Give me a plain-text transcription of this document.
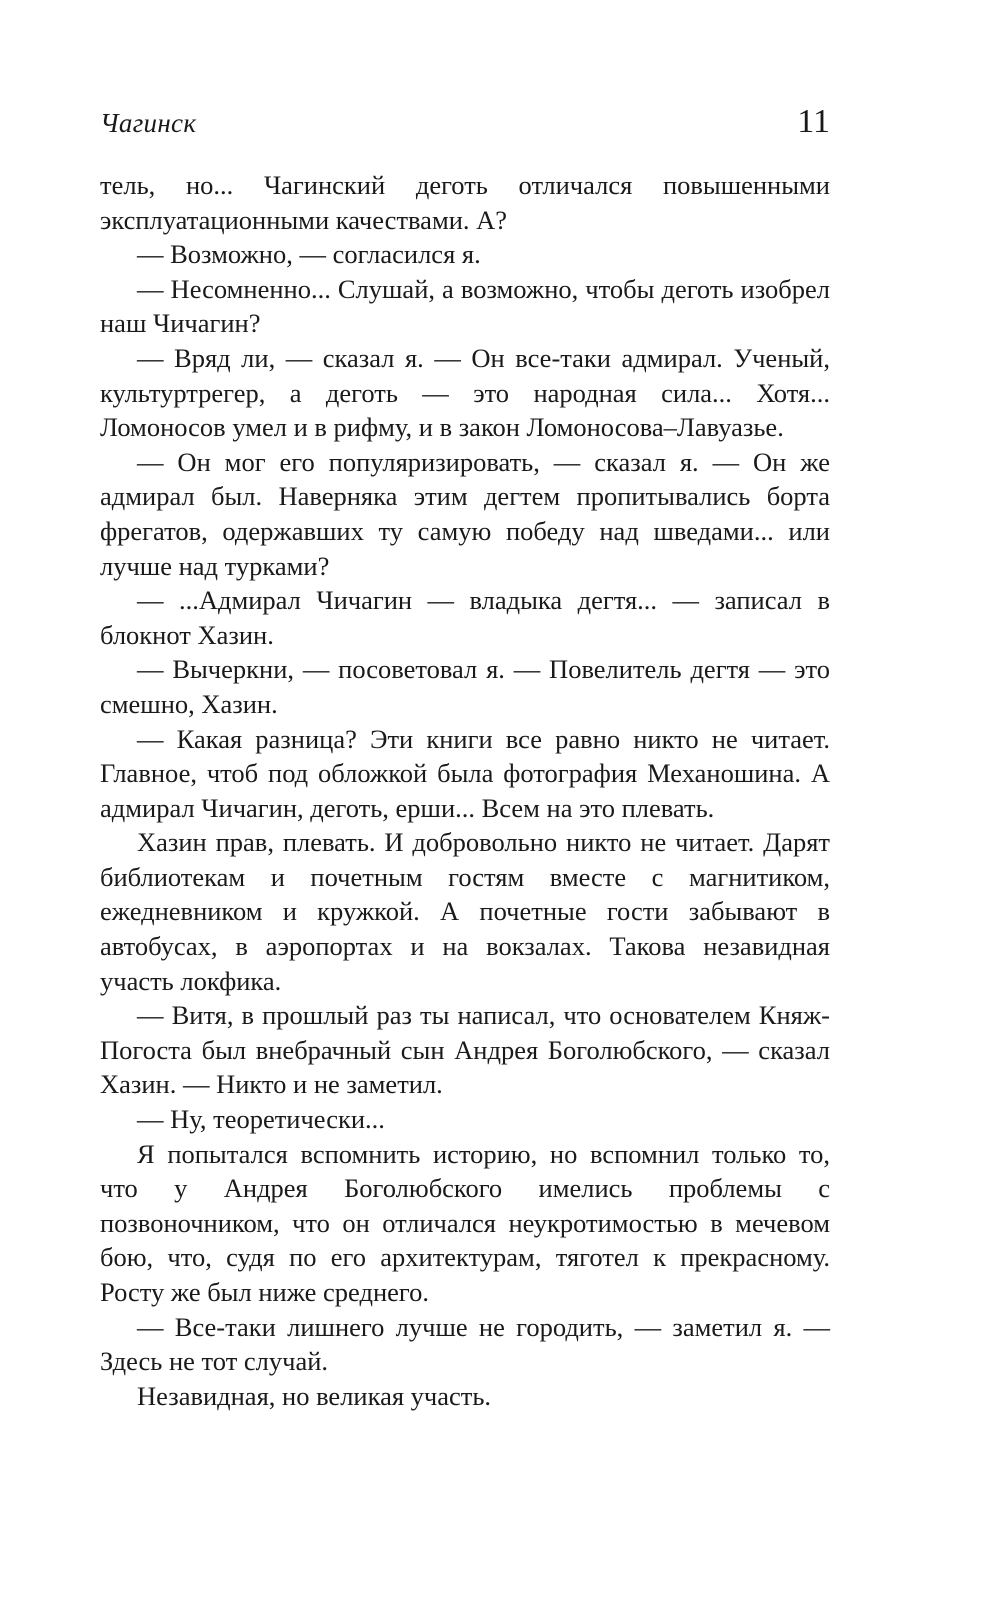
Чагинск	11

тель, но... Чагинский деготь отличался повышенными эксплуатационными качествами. А?

— Возможно, — согласился я.

— Несомненно... Слушай, а возможно, чтобы деготь изобрел наш Чичагин?

— Вряд ли, — сказал я. — Он все-таки адмирал. Ученый, культуртрегер, а деготь — это народная сила... Хотя... Ломоносов умел и в рифму, и в закон Ломоносова–Лавуазье.

— Он мог его популяризировать, — сказал я. — Он же адмирал был. Наверняка этим дегтем пропитывались борта фрегатов, одержавших ту самую победу над шведами... или лучше над турками?

— ...Адмирал Чичагин — владыка дегтя... — записал в блокнот Хазин.

— Вычеркни, — посоветовал я. — Повелитель дегтя — это смешно, Хазин.

— Какая разница? Эти книги все равно никто не читает. Главное, чтоб под обложкой была фотография Механошина. А адмирал Чичагин, деготь, ерши... Всем на это плевать.

Хазин прав, плевать. И добровольно никто не читает. Дарят библиотекам и почетным гостям вместе с магнитиком, ежедневником и кружкой. А почетные гости забывают в автобусах, в аэропортах и на вокзалах. Такова незавидная участь локфика.

— Витя, в прошлый раз ты написал, что основателем Княж-Погоста был внебрачный сын Андрея Боголюбского, — сказал Хазин. — Никто и не заметил.

— Ну, теоретически...

Я попытался вспомнить историю, но вспомнил только то, что у Андрея Боголюбского имелись проблемы с позвоночником, что он отличался неукротимостью в мечевом бою, что, судя по его архитектурам, тяготел к прекрасному. Росту же был ниже среднего.

— Все-таки лишнего лучше не городить, — заметил я. — Здесь не тот случай.

Незавидная, но великая участь.
